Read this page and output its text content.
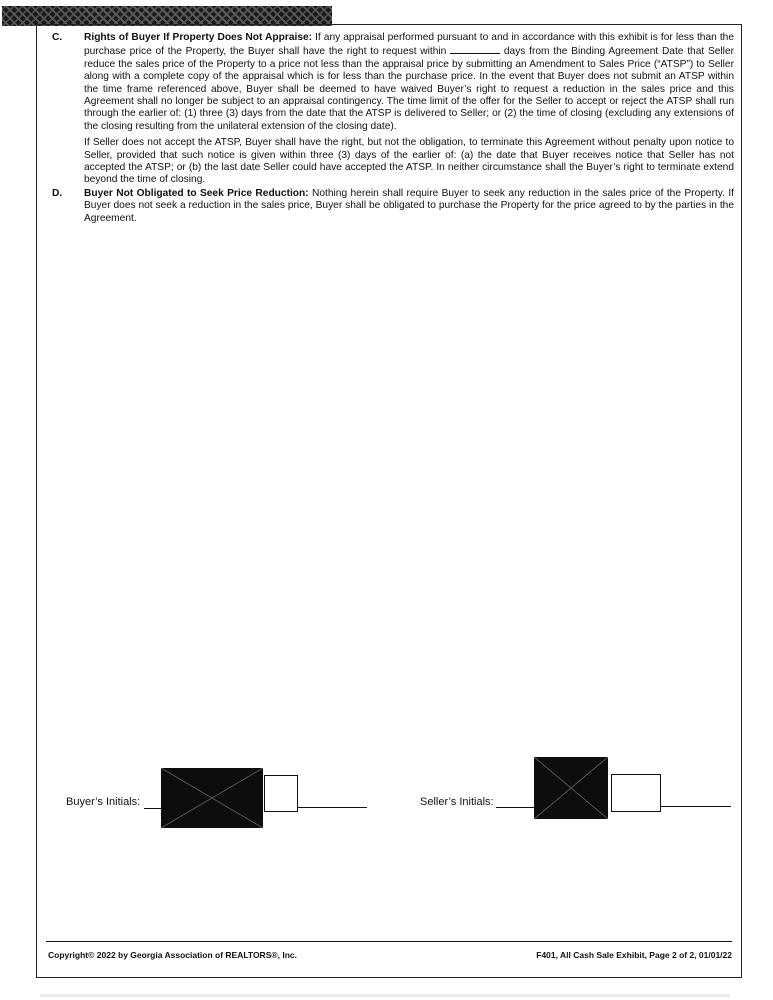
C. Rights of Buyer If Property Does Not Appraise: If any appraisal performed pursuant to and in accordance with this exhibit is for less than the purchase price of the Property, the Buyer shall have the right to request within	days from the Binding Agreement Date that Seller reduce the sales price of the Property to a price not less than the appraisal price by submitting an Amendment to Sales Price (“ATSP”) to Seller along with a complete copy of the appraisal which is for less than the purchase price. In the event that Buyer does not submit an ATSP within the time frame referenced above, Buyer shall be deemed to have waived Buyer’s right to request a reduction in the sales price and this Agreement shall no longer be subject to an appraisal contingency. The time limit of the offer for the Seller to accept or reject the ATSP shall run through the earlier of: (1) three (3) days from the date that the ATSP is delivered to Seller; or (2) the time of closing (excluding any extensions of the closing resulting from the unilateral extension of the closing date).
If Seller does not accept the ATSP, Buyer shall have the right, but not the obligation, to terminate this Agreement without penalty upon notice to Seller, provided that such notice is given within three (3) days of the earlier of: (a) the date that Buyer receives notice that Seller has not accepted the ATSP; or (b) the last date Seller could have accepted the ATSP. In neither circumstance shall the Buyer’s right to terminate extend beyond the time of closing.
D. Buyer Not Obligated to Seek Price Reduction: Nothing herein shall require Buyer to seek any reduction in the sales price of the Property. If Buyer does not seek a reduction in the sales price, Buyer shall be obligated to purchase the Property for the price agreed to by the parties in the Agreement.
Buyer’s Initials:	Seller’s Initials:
Copyright© 2022 by Georgia Association of REALTORS®, Inc.	F401, All Cash Sale Exhibit, Page 2 of 2, 01/01/22
